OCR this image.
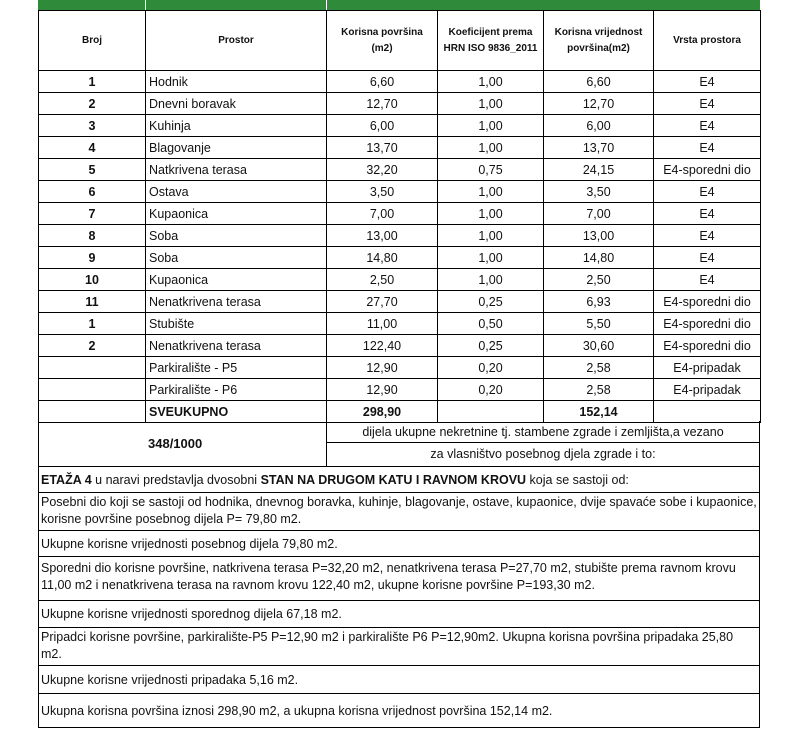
Broj	Prostor	Korisna površina (m2)	Koeficijent prema HRN ISO 9836_2011	Korisna vrijednost površina(m2)	Vrsta prostora
1	Hodnik	6,60	1,00	6,60	E4
2	Dnevni boravak	12,70	1,00	12,70	E4
3	Kuhinja	6,00	1,00	6,00	E4
4	Blagovanje	13,70	1,00	13,70	E4
5	Natkrivena terasa	32,20	0,75	24,15	E4-sporedni dio
6	Ostava	3,50	1,00	3,50	E4
7	Kupaonica	7,00	1,00	7,00	E4
8	Soba	13,00	1,00	13,00	E4
9	Soba	14,80	1,00	14,80	E4
10	Kupaonica	2,50	1,00	2,50	E4
11	Nenatkrivena terasa	27,70	0,25	6,93	E4-sporedni dio
1	Stubište	11,00	0,50	5,50	E4-sporedni dio
2	Nenatkrivena terasa	122,40	0,25	30,60	E4-sporedni dio
	Parkiralište - P5	12,90	0,20	2,58	E4-pripadak
	Parkiralište - P6	12,90	0,20	2,58	E4-pripadak
	SVEUKUPNO	298,90		152,14	
348/1000
dijela ukupne nekretnine tj. stambene zgrade i zemljišta,a vezano
za vlasništvo posebnog djela zgrade i to:
ETAŽA 4 u naravi predstavlja dvosobni STAN NA DRUGOM KATU I RAVNOM KROVU koja se sastoji od:
Posebni dio koji se sastoji od hodnika, dnevnog boravka, kuhinje, blagovanje, ostave, kupaonice, dvije spavaće sobe i kupaonice, korisne površine posebnog dijela P= 79,80 m2.
Ukupne korisne vrijednosti posebnog dijela 79,80 m2.
Sporedni dio korisne površine, natkrivena terasa P=32,20 m2, nenatkrivena terasa P=27,70 m2, stubište prema ravnom krovu 11,00 m2 i nenatkrivena terasa na ravnom krovu 122,40 m2, ukupne korisne površine P=193,30 m2.
Ukupne korisne vrijednosti sporednog dijela 67,18 m2.
Pripadci korisne površine, parkiralište-P5 P=12,90 m2 i parkiralište P6 P=12,90m2. Ukupna korisna površina pripadaka 25,80 m2.
Ukupne korisne vrijednosti pripadaka 5,16 m2.
Ukupna korisna površina iznosi 298,90 m2, a ukupna korisna vrijednost površina 152,14 m2.
